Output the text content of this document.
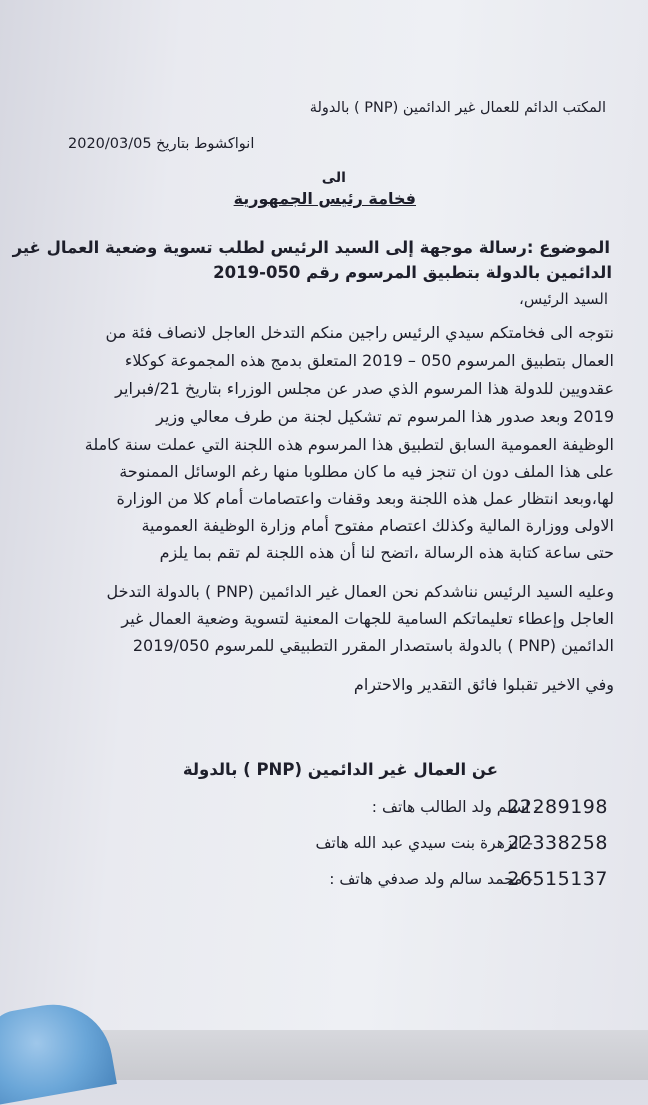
المكتب الدائم للعمال غير الدائمين (PNP ) بالدولة
انواكشوط بتاريخ 2020/03/05
الى
فخامة رئيس الجمهورية
الموضوع :رسالة موجهة إلى السيد الرئيس لطلب تسوية وضعية العمال غير
الدائمين بالدولة بتطبيق المرسوم رقم 050-2019
السيد الرئيس،
نتوجه الى فخامتكم سيدي الرئيس راجين منكم التدخل العاجل لانصاف فئة من
العمال بتطبيق المرسوم 050 – 2019 المتعلق بدمج هذه المجموعة كوكلاء
عقدويين للدولة هذا المرسوم الذي صدر عن مجلس الوزراء بتاريخ 21/فبراير
2019 وبعد صدور هذا المرسوم تم تشكيل لجنة من طرف معالي وزير
الوظيفة العمومية السابق لتطبيق هذا المرسوم هذه اللجنة التي عملت سنة كاملة
على هذا الملف دون ان تنجز فيه ما كان مطلوبا منها رغم الوسائل الممنوحة
لها،وبعد انتظار عمل هذه اللجنة وبعد وقفات واعتصامات أمام كلا من الوزارة
الاولى ووزارة المالية وكذلك اعتصام مفتوح أمام وزارة الوظيفة العمومية
حتى ساعة كتابة هذه الرسالة ،اتضح لنا أن هذه اللجنة لم تقم بما يلزم
وعليه السيد الرئيس نناشدكم نحن العمال غير الدائمين (PNP ) بالدولة التدخل
العاجل وإعطاء تعليماتكم السامية للجهات المعنية لتسوية وضعية العمال غير
الدائمين (PNP ) بالدولة باستصدار المقرر التطبيقي للمرسوم 2019/050
وفي الاخير تقبلوا فائق التقدير والاحترام
عن العمال غير الدائمين (PNP ) بالدولة
- اسلم ولد الطالب هاتف :
22289198
- الزهرة بنت سيدي عبد الله هاتف
22338258
- محمد سالم ولد صدفي هاتف :
26515137
